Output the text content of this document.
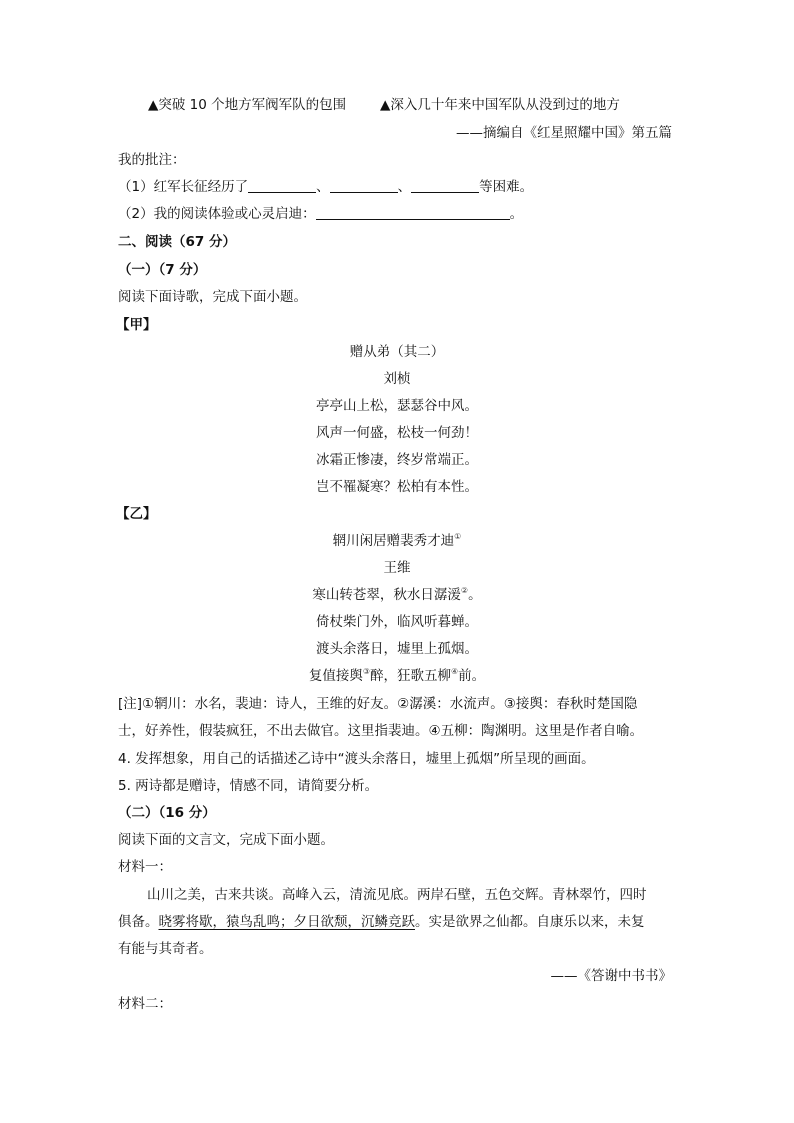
▲突破 10 个地方军阀军队的包围	▲深入几十年来中国军队从没到过的地方
——摘编自《红星照耀中国》第五篇
我的批注：
（1）红军长征经历了	、	、	等困难。
（2）我的阅读体验或心灵启迪：	。
二、阅读（67 分）
（一）（7 分）
阅读下面诗歌，完成下面小题。
【甲】
赠从弟（其二）
刘桢
亭亭山上松，瑟瑟谷中风。
风声一何盛，松枝一何劲！
冰霜正惨凄，终岁常端正。
岂不罹凝寒？松柏有本性。
【乙】
辋川闲居赠裴秀才迪①
王维
寒山转苍翠，秋水日潺湲②。
倚杖柴门外，临风听暮蝉。
渡头余落日，墟里上孤烟。
复值接舆③醉，狂歌五柳④前。
[注]①辋川：水名，裴迪：诗人，王维的好友。②潺溪：水流声。③接舆：春秋时楚国隐
士，好养性，假装疯狂，不出去做官。这里指裴迪。④五柳：陶渊明。这里是作者自喻。
4. 发挥想象，用自己的话描述乙诗中“渡头余落日，墟里上孤烟”所呈现的画面。
5. 两诗都是赠诗，情感不同，请简要分析。
（二）（16 分）
阅读下面的文言文，完成下面小题。
材料一：
山川之美，古来共谈。高峰入云，清流见底。两岸石壁，五色交辉。青林翠竹，四时
俱备。晓雾将歇，猿鸟乱鸣；夕日欲颓，沉鳞竞跃。实是欲界之仙都。自康乐以来，未复
有能与其奇者。
——《答谢中书书》
材料二：
